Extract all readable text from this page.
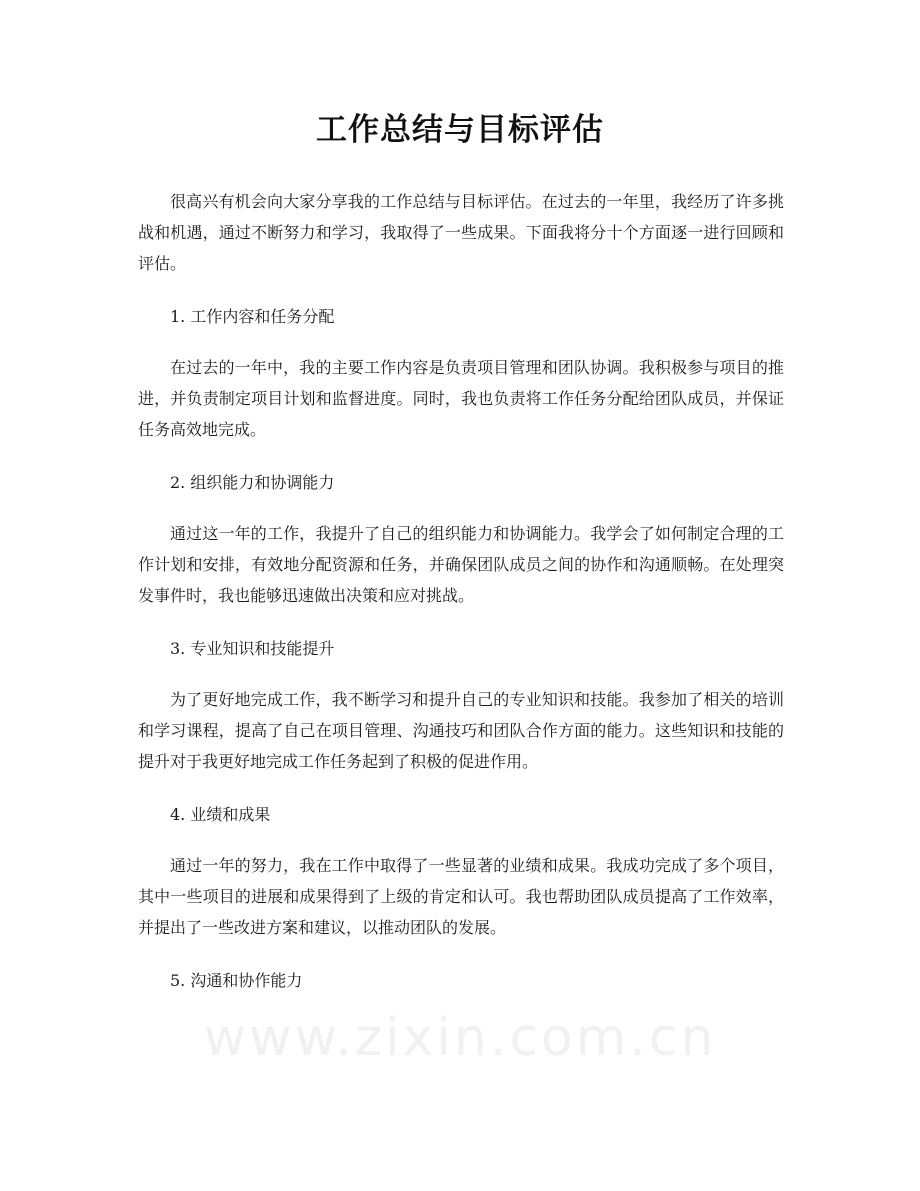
工作总结与目标评估

很高兴有机会向大家分享我的工作总结与目标评估。在过去的一年里，我经历了许多挑战和机遇，通过不断努力和学习，我取得了一些成果。下面我将分十个方面逐一进行回顾和评估。

1. 工作内容和任务分配

在过去的一年中，我的主要工作内容是负责项目管理和团队协调。我积极参与项目的推进，并负责制定项目计划和监督进度。同时，我也负责将工作任务分配给团队成员，并保证任务高效地完成。

2. 组织能力和协调能力

通过这一年的工作，我提升了自己的组织能力和协调能力。我学会了如何制定合理的工作计划和安排，有效地分配资源和任务，并确保团队成员之间的协作和沟通顺畅。在处理突发事件时，我也能够迅速做出决策和应对挑战。

3. 专业知识和技能提升

为了更好地完成工作，我不断学习和提升自己的专业知识和技能。我参加了相关的培训和学习课程，提高了自己在项目管理、沟通技巧和团队合作方面的能力。这些知识和技能的提升对于我更好地完成工作任务起到了积极的促进作用。

4. 业绩和成果

通过一年的努力，我在工作中取得了一些显著的业绩和成果。我成功完成了多个项目，其中一些项目的进展和成果得到了上级的肯定和认可。我也帮助团队成员提高了工作效率，并提出了一些改进方案和建议，以推动团队的发展。

5. 沟通和协作能力

www.zixin.com.cn
